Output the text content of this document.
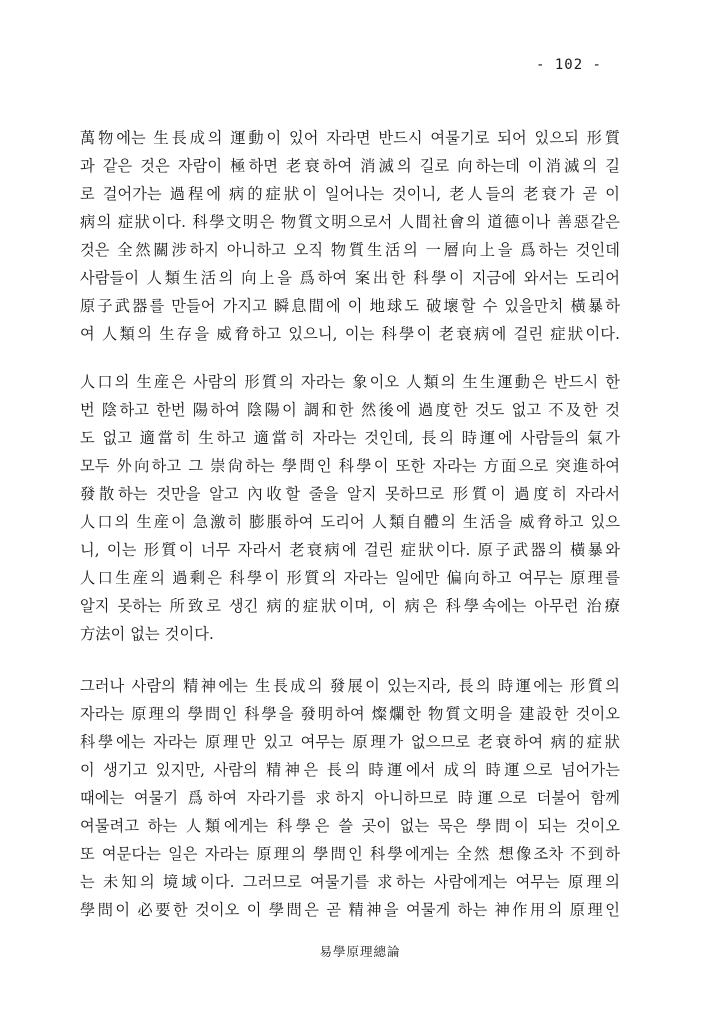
- 102 -
萬物에는 生長成의 運動이 있어 자라면 반드시 여물기로 되어 있으되 形質
과 같은 것은 자람이 極하면 老衰하여 消滅의 길로 向하는데 이消滅의 길
로 걸어가는 過程에 病的症狀이 일어나는 것이니, 老人들의 老衰가 곧 이
病의 症狀이다. 科學文明은 物質文明으로서 人間社會의 道德이나 善惡같은
것은 全然關涉하지 아니하고 오직 物質生活의 一層向上을 爲하는 것인데
사람들이 人類生活의 向上을 爲하여 案出한 科學이 지금에 와서는 도리어
原子武器를 만들어 가지고 瞬息間에 이 地球도 破壞할 수 있을만치 橫暴하
여 人類의 生存을 威脅하고 있으니, 이는 科學이 老衰病에 걸린 症狀이다.
人口의 生産은 사람의 形質의 자라는 象이오 人類의 生生運動은 반드시 한
번 陰하고 한번 陽하여 陰陽이 調和한 然後에 過度한 것도 없고 不及한 것
도 없고 適當히 生하고 適當히 자라는 것인데, 長의 時運에 사람들의 氣가
모두 外向하고 그 崇尙하는 學問인 科學이 또한 자라는 方面으로 突進하여
發散하는 것만을 알고 內收할 줄을 알지 못하므로 形質이 過度히 자라서
人口의 生産이 急激히 膨脹하여 도리어 人類自體의 生活을 威脅하고 있으
니, 이는 形質이 너무 자라서 老衰病에 걸린 症狀이다. 原子武器의 橫暴와
人口生産의 過剩은 科學이 形質의 자라는 일에만 偏向하고 여무는 原理를
알지 못하는 所致로 생긴 病的症狀이며, 이 病은 科學속에는 아무런 治療
方法이 없는 것이다.
그러나 사람의 精神에는 生長成의 發展이 있는지라, 長의 時運에는 形質의
자라는 原理의 學問인 科學을 發明하여 燦爛한 物質文明을 建設한 것이오
科學에는 자라는 原理만 있고 여무는 原理가 없으므로 老衰하여 病的症狀
이 생기고 있지만, 사람의 精神은 長의 時運에서 成의 時運으로 넘어가는
때에는 여물기 爲하여 자라기를 求하지 아니하므로 時運으로 더불어 함께
여물려고 하는 人類에게는 科學은 쓸 곳이 없는 묵은 學問이 되는 것이오
또 여문다는 일은 자라는 原理의 學問인 科學에게는 全然 想像조차 不到하
는 未知의 境域이다. 그러므로 여물기를 求하는 사람에게는 여무는 原理의
學問이 必要한 것이오 이 學問은 곧 精神을 여물게 하는 神作用의 原理인
易學原理總論
